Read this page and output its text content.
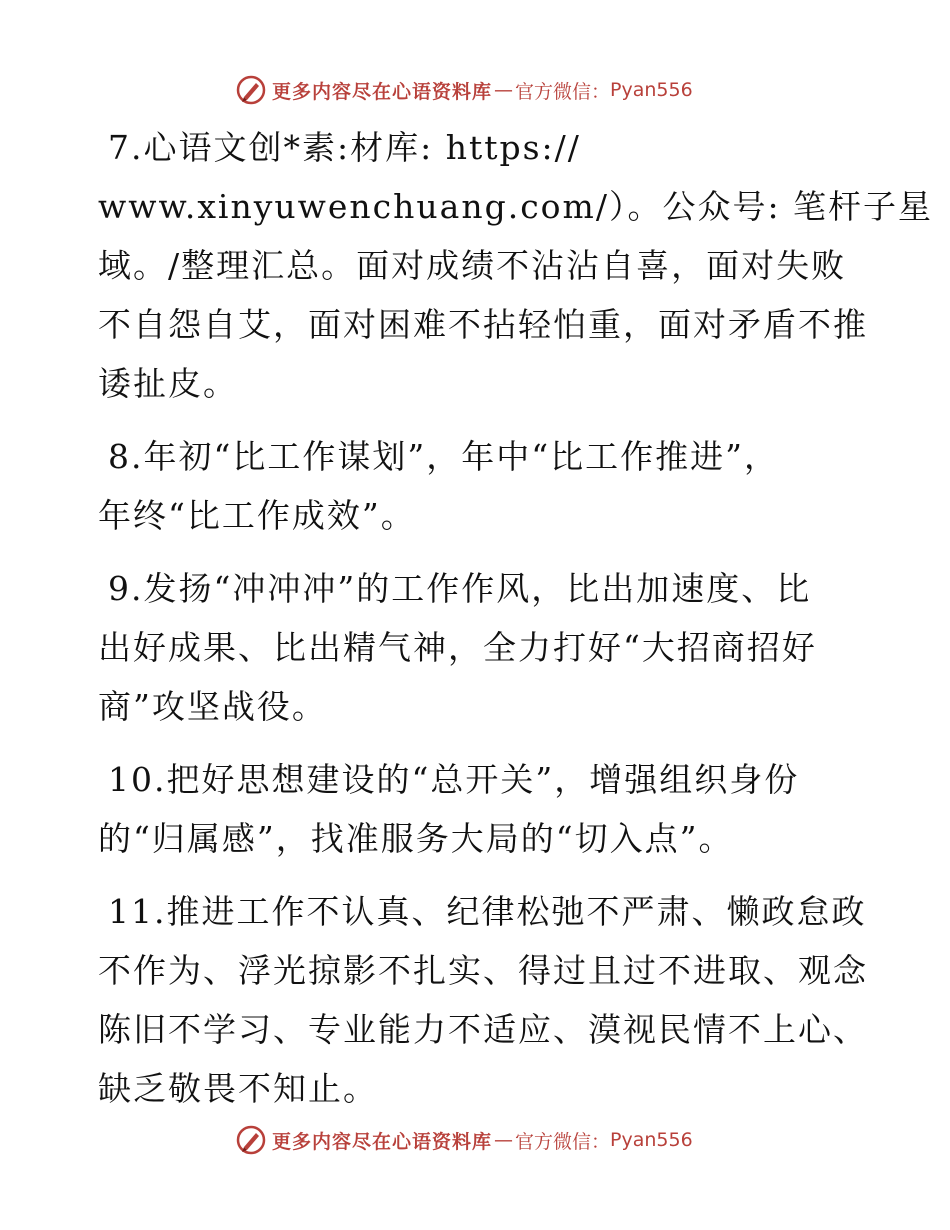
更多内容尽在心语资料库 — 官方微信： Pyan556

7.心语文创*素:材库: https://
www.xinyuwenchuang.com/）。公众号: 笔杆子星
域。/整理汇总。面对成绩不沾沾自喜，面对失败
不自怨自艾，面对困难不拈轻怕重，面对矛盾不推
诿扯皮。

8.年初“比工作谋划”，年中“比工作推进”，
年终“比工作成效”。

9.发扬“冲冲冲”的工作作风，比出加速度、比
出好成果、比出精气神，全力打好“大招商招好
商”攻坚战役。

10.把好思想建设的“总开关”，增强组织身份
的“归属感”，找准服务大局的“切入点”。

11.推进工作不认真、纪律松弛不严肃、懒政怠政
不作为、浮光掠影不扎实、得过且过不进取、观念
陈旧不学习、专业能力不适应、漠视民情不上心、
缺乏敬畏不知止。

更多内容尽在心语资料库 — 官方微信： Pyan556
